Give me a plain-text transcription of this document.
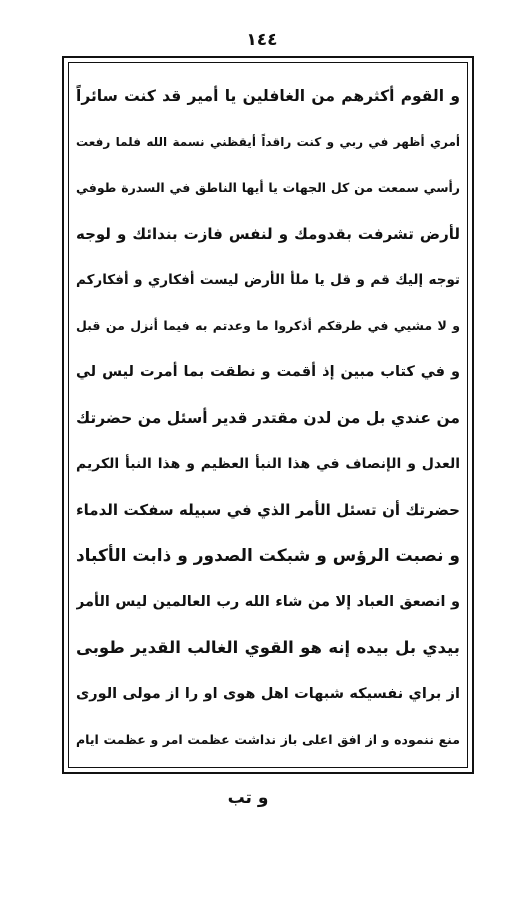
١٤٤
و القوم أكثرهم من الغافلين يا أمير قد كنت سائراً
أمري أظهر في ربي و كنت راقداً أيقظني نسمة الله فلما رفعت
رأسي سمعت من كل الجهات يا أيها الناطق في السدرة طوفي
لأرض تشرفت بقدومك و لنفس فازت بندائك و لوجه
توجه إليك قم و قل يا ملأ الأرض ليست أفكاري و أفكاركم
و لا مشيي في طرقكم أذكروا ما وعدتم به فيما أنزل من قبل
و في كتاب مبين إذ أقمت و نطقت بما أمرت ليس لي
من عندي بل من لدن مقتدر قدير أسئل من حضرتك
العدل و الإنصاف في هذا النبأ العظيم و هذا النبأ الكريم
حضرتك أن تسئل الأمر الذي في سبيله سفكت الدماء
و نصبت الرؤس و شبكت الصدور و ذابت الأكباد
و انصعق العباد إلا من شاء الله رب العالمين ليس الأمر
بيدي بل بيده إنه هو القوي الغالب القدير طوبى
از براي نفسيكه شبهات اهل هوى او را از مولى الورى
منع ننموده و از افق اعلى باز نداشت عظمت امر و عظمت ايام
و تب
